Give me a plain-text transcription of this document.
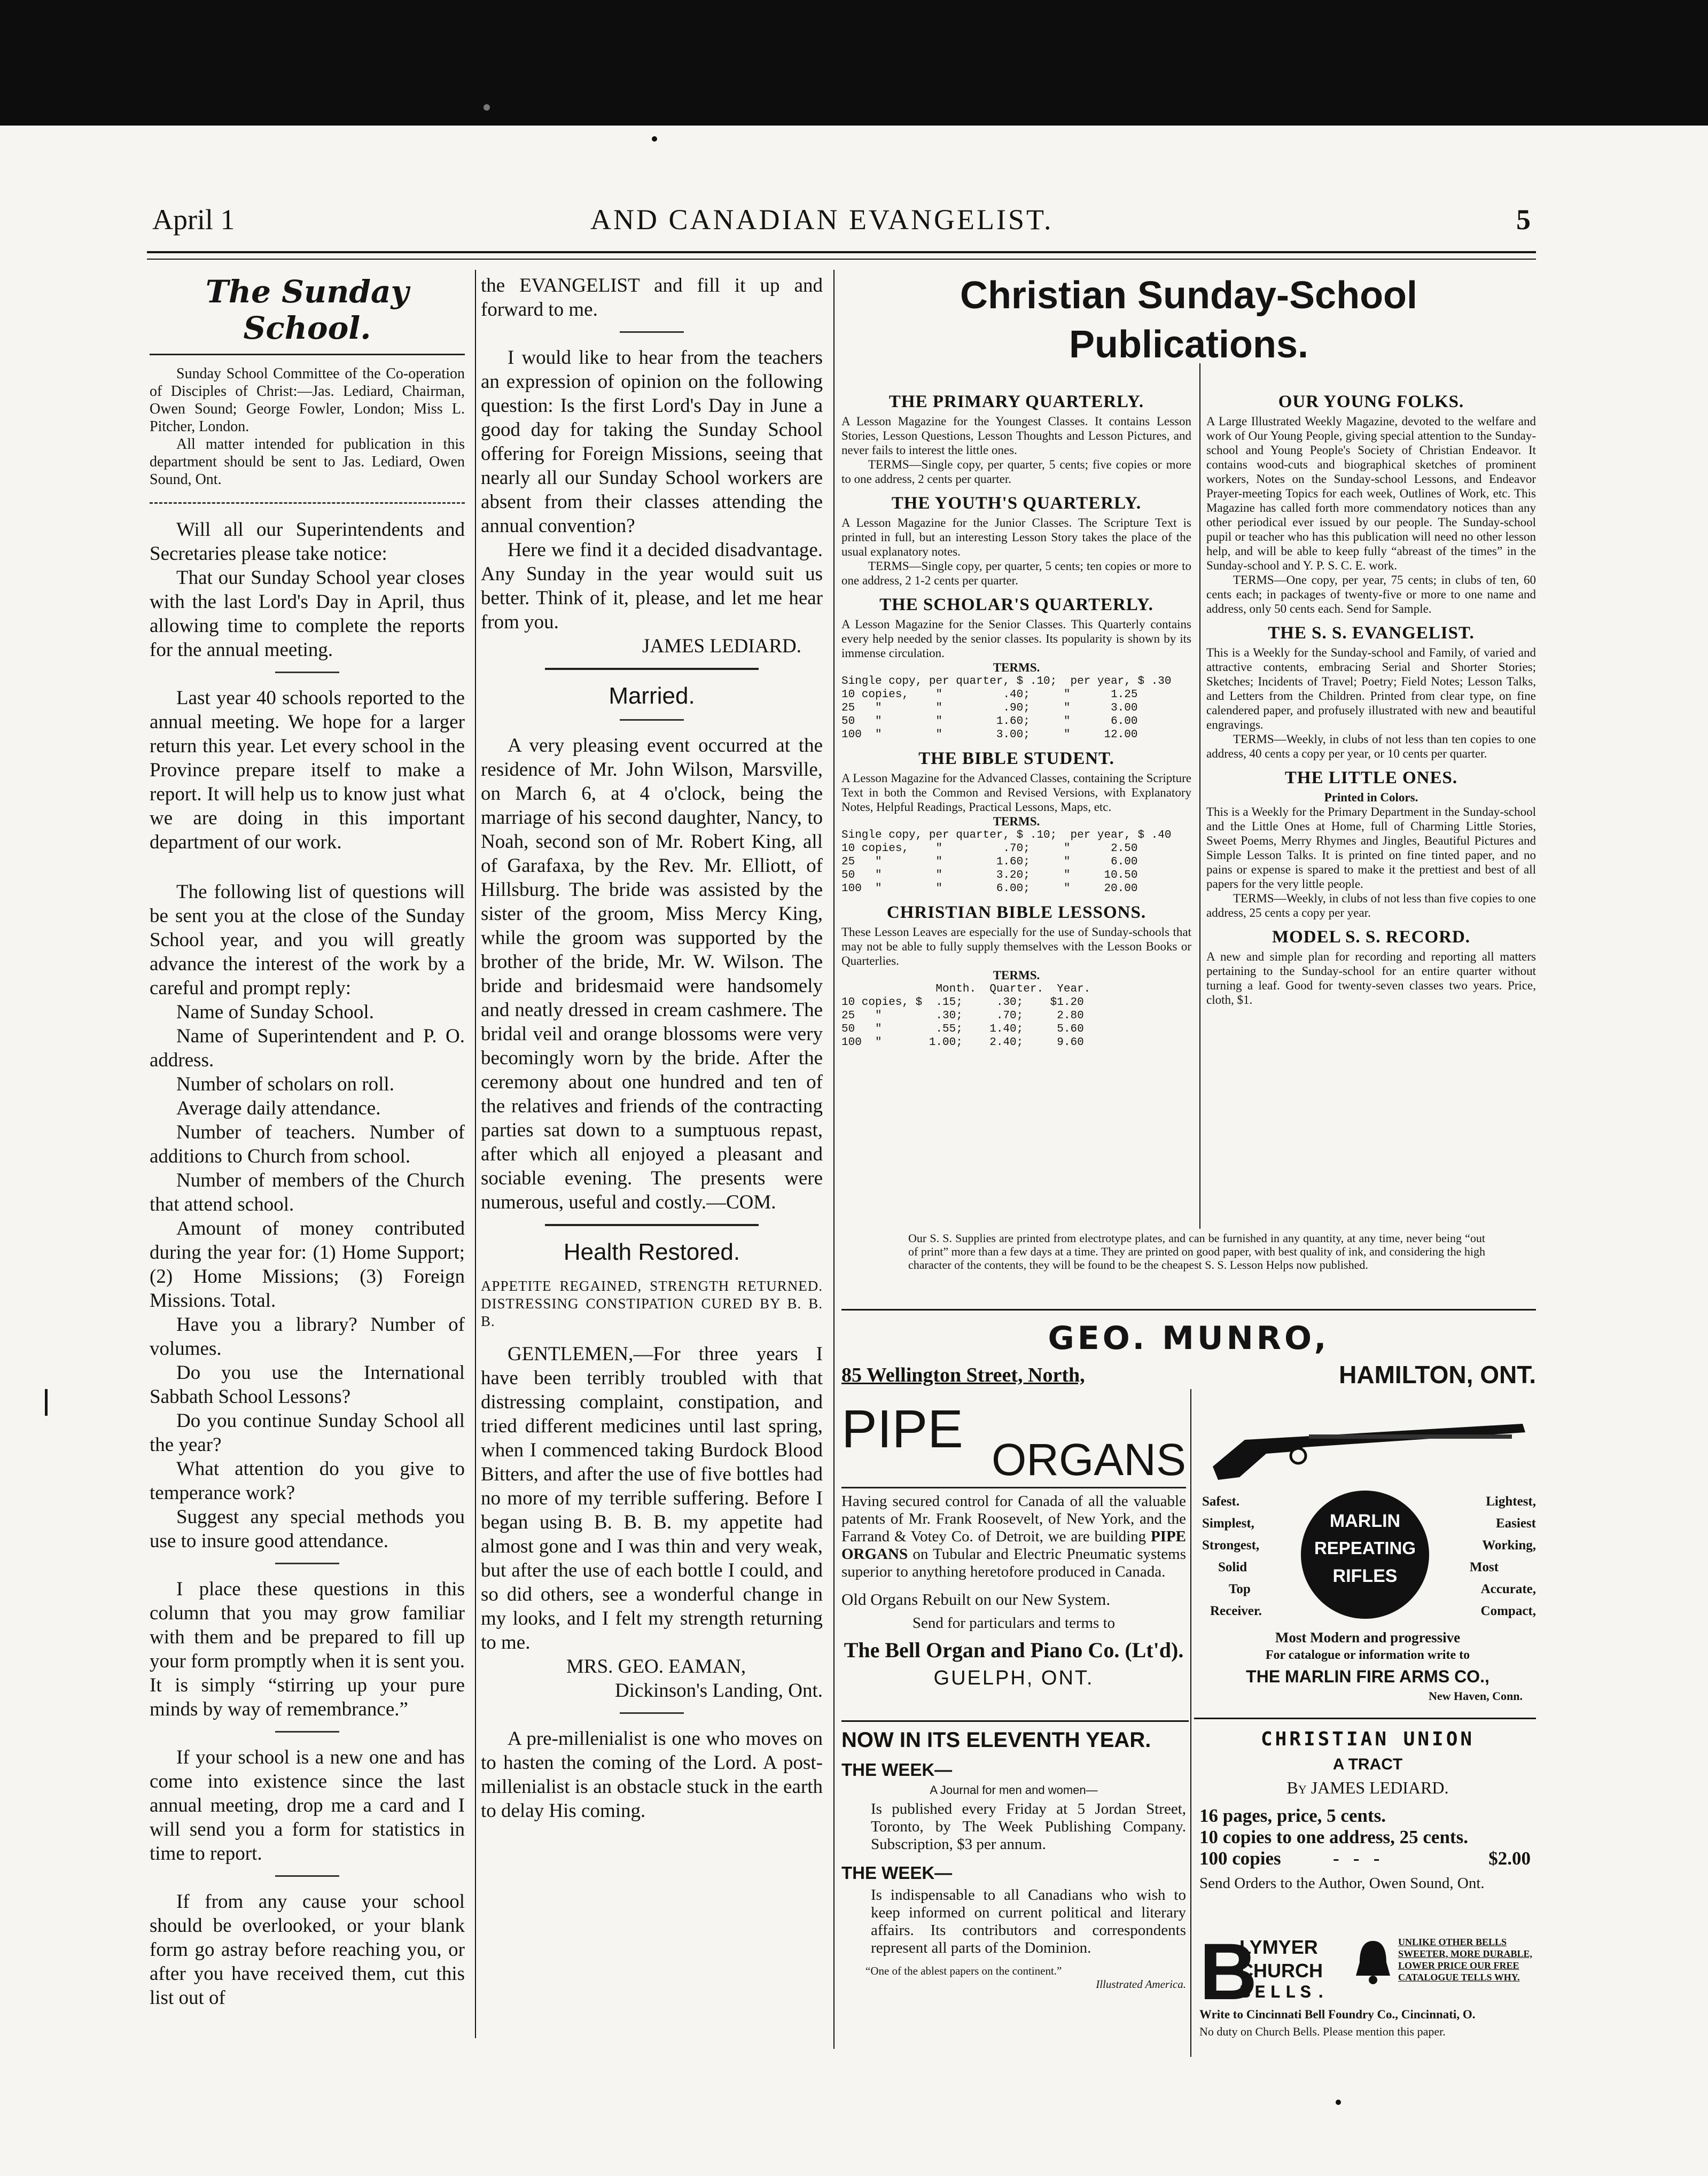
April 1	AND CANADIAN EVANGELIST.	5
The Sunday School.

Sunday School Committee of the Co-operation of Disciples of Christ:—Jas. Lediard, Chairman, Owen Sound; George Fowler, London; Miss L. Pitcher, London.

All matter intended for publication in this department should be sent to Jas. Lediard, Owen Sound, Ont.

Will all our Superintendents and Secretaries please take notice:

That our Sunday School year closes with the last Lord's Day in April, thus allowing time to complete the reports for the annual meeting.

Last year 40 schools reported to the annual meeting. We hope for a larger return this year. Let every school in the Province prepare itself to make a report. It will help us to know just what we are doing in this important department of our work.

The following list of questions will be sent you at the close of the Sunday School year, and you will greatly advance the interest of the work by a careful and prompt reply:

Name of Sunday School.

Name of Superintendent and P. O. address.

Number of scholars on roll.

Average daily attendance.

Number of teachers. Number of additions to Church from school.

Number of members of the Church that attend school.

Amount of money contributed during the year for: (1) Home Support; (2) Home Missions; (3) Foreign Missions. Total.

Have you a library? Number of volumes.

Do you use the International Sabbath School Lessons?

Do you continue Sunday School all the year?

What attention do you give to temperance work?

Suggest any special methods you use to insure good attendance.

I place these questions in this column that you may grow familiar with them and be prepared to fill up your form promptly when it is sent you. It is simply “stirring up your pure minds by way of remembrance.”

If your school is a new one and has come into existence since the last annual meeting, drop me a card and I will send you a form for statistics in time to report.

If from any cause your school should be overlooked, or your blank form go astray before reaching you, or after you have received them, cut this list out of

the EVANGELIST and fill it up and forward to me.

I would like to hear from the teachers an expression of opinion on the following question: Is the first Lord's Day in June a good day for taking the Sunday School offering for Foreign Missions, seeing that nearly all our Sunday School workers are absent from their classes attending the annual convention?

Here we find it a decided disadvantage. Any Sunday in the year would suit us better. Think of it, please, and let me hear from you.

JAMES LEDIARD.

Married.

A very pleasing event occurred at the residence of Mr. John Wilson, Marsville, on March 6, at 4 o'clock, being the marriage of his second daughter, Nancy, to Noah, second son of Mr. Robert King, all of Garafaxa, by the Rev. Mr. Elliott, of Hillsburg. The bride was assisted by the sister of the groom, Miss Mercy King, while the groom was supported by the brother of the bride, Mr. W. Wilson. The bride and bridesmaid were handsomely and neatly dressed in cream cashmere. The bridal veil and orange blossoms were very becomingly worn by the bride. After the ceremony about one hundred and ten of the relatives and friends of the contracting parties sat down to a sumptuous repast, after which all enjoyed a pleasant and sociable evening. The presents were numerous, useful and costly.—COM.

Health Restored.

APPETITE REGAINED, STRENGTH RETURNED. DISTRESSING CONSTIPATION CURED BY B. B. B.

GENTLEMEN,—For three years I have been terribly troubled with that distressing complaint, constipation, and tried different medicines until last spring, when I commenced taking Burdock Blood Bitters, and after the use of five bottles had no more of my terrible suffering. Before I began using B. B. B. my appetite had almost gone and I was thin and very weak, but after the use of each bottle I could, and so did others, see a wonderful change in my looks, and I felt my strength returning to me.

MRS. GEO. EAMAN,

Dickinson's Landing, Ont.

A pre-millenialist is one who moves on to hasten the coming of the Lord. A post-millenialist is an obstacle stuck in the earth to delay His coming.

Christian Sunday-School
Publications.
THE PRIMARY QUARTERLY.

A Lesson Magazine for the Youngest Classes. It contains Lesson Stories, Lesson Questions, Lesson Thoughts and Lesson Pictures, and never fails to interest the little ones.

TERMS—Single copy, per quarter, 5 cents; five copies or more to one address, 2 cents per quarter.

THE YOUTH'S QUARTERLY.

A Lesson Magazine for the Junior Classes. The Scripture Text is printed in full, but an interesting Lesson Story takes the place of the usual explanatory notes.

TERMS—Single copy, per quarter, 5 cents; ten copies or more to one address, 2 1-2 cents per quarter.

THE SCHOLAR'S QUARTERLY.

A Lesson Magazine for the Senior Classes. This Quarterly contains every help needed by the senior classes. Its popularity is shown by its immense circulation.

TERMS.
Single copy, per quarter, $ .10;  per year, $ .30
10 copies,    "         .40;     "      1.25
25   "        "         .90;     "      3.00
50   "        "        1.60;     "      6.00
100  "        "        3.00;     "     12.00
THE BIBLE STUDENT.

A Lesson Magazine for the Advanced Classes, containing the Scripture Text in both the Common and Revised Versions, with Explanatory Notes, Helpful Readings, Practical Lessons, Maps, etc.

TERMS.
Single copy, per quarter, $ .10;  per year, $ .40
10 copies,    "         .70;     "      2.50
25   "        "        1.60;     "      6.00
50   "        "        3.20;     "     10.50
100  "        "        6.00;     "     20.00
CHRISTIAN BIBLE LESSONS.

These Lesson Leaves are especially for the use of Sunday-schools that may not be able to fully supply themselves with the Lesson Books or Quarterlies.

TERMS.
Month.  Quarter.  Year.
10 copies, $  .15;     .30;    $1.20
25   "        .30;     .70;     2.80
50   "        .55;    1.40;     5.60
100  "       1.00;    2.40;     9.60
OUR YOUNG FOLKS.

A Large Illustrated Weekly Magazine, devoted to the welfare and work of Our Young People, giving special attention to the Sunday-school and Young People's Society of Christian Endeavor. It contains wood-cuts and biographical sketches of prominent workers, Notes on the Sunday-school Lessons, and Endeavor Prayer-meeting Topics for each week, Outlines of Work, etc. This Magazine has called forth more commendatory notices than any other periodical ever issued by our people. The Sunday-school pupil or teacher who has this publication will need no other lesson help, and will be able to keep fully “abreast of the times” in the Sunday-school and Y. P. S. C. E. work.

TERMS—One copy, per year, 75 cents; in clubs of ten, 60 cents each; in packages of twenty-five or more to one name and address, only 50 cents each. Send for Sample.

THE S. S. EVANGELIST.

This is a Weekly for the Sunday-school and Family, of varied and attractive contents, embracing Serial and Shorter Stories; Sketches; Incidents of Travel; Poetry; Field Notes; Lesson Talks, and Letters from the Children. Printed from clear type, on fine calendered paper, and profusely illustrated with new and beautiful engravings.

TERMS—Weekly, in clubs of not less than ten copies to one address, 40 cents a copy per year, or 10 cents per quarter.

THE LITTLE ONES.
Printed in Colors.

This is a Weekly for the Primary Department in the Sunday-school and the Little Ones at Home, full of Charming Little Stories, Sweet Poems, Merry Rhymes and Jingles, Beautiful Pictures and Simple Lesson Talks. It is printed on fine tinted paper, and no pains or expense is spared to make it the prettiest and best of all papers for the very little people.

TERMS—Weekly, in clubs of not less than five copies to one address, 25 cents a copy per year.

MODEL S. S. RECORD.

A new and simple plan for recording and reporting all matters pertaining to the Sunday-school for an entire quarter without turning a leaf. Good for twenty-seven classes two years. Price, cloth, $1.

Our S. S. Supplies are printed from electrotype plates, and can be furnished in any quantity, at any time, never being “out of print” more than a few days at a time. They are printed on good paper, with best quality of ink, and considering the high character of the contents, they will be found to be the cheapest S. S. Lesson Helps now published.

GEO. MUNRO,
85 Wellington Street, North,	HAMILTON, ONT.
PIPE
ORGANS

Having secured control for Canada of all the valuable patents of Mr. Frank Roosevelt, of New York, and the Farrand & Votey Co. of Detroit, we are building PIPE ORGANS on Tubular and Electric Pneumatic systems superior to anything heretofore produced in Canada.

Old Organs Rebuilt on our New System.

Send for particulars and terms to

The Bell Organ and Piano Co. (Lt'd).
GUELPH, ONT.
MARLIN
REPEATING
RIFLES
Safest.
Simplest,
Strongest,
Solid
Top
Receiver.
Lightest,
Easiest
Working,
Most
Accurate,
Compact,
Most Modern and progressive
For catalogue or information write to
THE MARLIN FIRE ARMS CO.,
New Haven, Conn.
NOW IN ITS ELEVENTH YEAR.
THE WEEK—
A Journal for men and women—

Is published every Friday at 5 Jordan Street, Toronto, by The Week Publishing Company. Subscription, $3 per annum.

THE WEEK—

Is indispensable to all Canadians who wish to keep informed on current political and literary affairs. Its contributors and correspondents represent all parts of the Dominion.

“One of the ablest papers on the continent.”
Illustrated America.
CHRISTIAN UNION
A TRACT
By JAMES LEDIARD.
16 pages, price, 5 cents.
10 copies to one address, 25 cents.
100 copies	-   -   -	$2.00
Send Orders to the Author, Owen Sound, Ont.
B
LYMYER
CHURCH
BELLS.
UNLIKE OTHER BELLS SWEETER, MORE DURABLE, LOWER PRICE OUR FREE CATALOGUE TELLS WHY.
Write to Cincinnati Bell Foundry Co., Cincinnati, O.
No duty on Church Bells. Please mention this paper.
